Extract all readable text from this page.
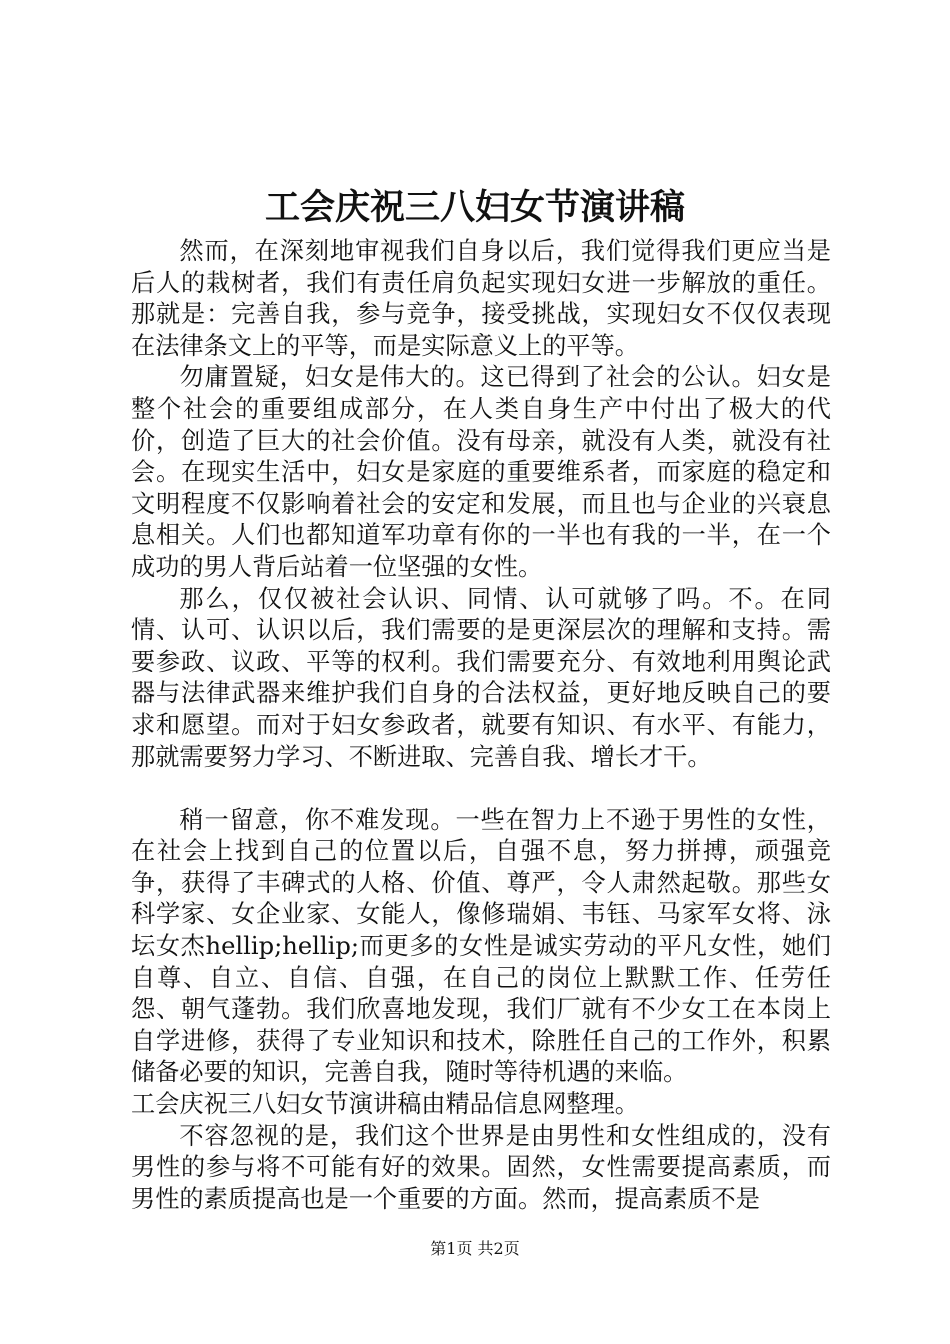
工会庆祝三八妇女节演讲稿

然而，在深刻地审视我们自身以后，我们觉得我们更应当是后人的栽树者，我们有责任肩负起实现妇女进一步解放的重任。那就是：完善自我，参与竞争，接受挑战，实现妇女不仅仅表现在法律条文上的平等，而是实际意义上的平等。

勿庸置疑，妇女是伟大的。这已得到了社会的公认。妇女是整个社会的重要组成部分，在人类自身生产中付出了极大的代价，创造了巨大的社会价值。没有母亲，就没有人类，就没有社会。在现实生活中，妇女是家庭的重要维系者，而家庭的稳定和文明程度不仅影响着社会的安定和发展，而且也与企业的兴衰息息相关。人们也都知道军功章有你的一半也有我的一半，在一个成功的男人背后站着一位坚强的女性。

那么，仅仅被社会认识、同情、认可就够了吗。不。在同情、认可、认识以后，我们需要的是更深层次的理解和支持。需要参政、议政、平等的权利。我们需要充分、有效地利用舆论武器与法律武器来维护我们自身的合法权益，更好地反映自己的要求和愿望。而对于妇女参政者，就要有知识、有水平、有能力，那就需要努力学习、不断进取、完善自我、增长才干。

稍一留意，你不难发现。一些在智力上不逊于男性的女性，在社会上找到自己的位置以后，自强不息，努力拼搏，顽强竞争，获得了丰碑式的人格、价值、尊严，令人肃然起敬。那些女科学家、女企业家、女能人，像修瑞娟、韦钰、马家军女将、泳坛女杰hellip;hellip;而更多的女性是诚实劳动的平凡女性，她们自尊、自立、自信、自强，在自己的岗位上默默工作、任劳任怨、朝气蓬勃。我们欣喜地发现，我们厂就有不少女工在本岗上自学进修，获得了专业知识和技术，除胜任自己的工作外，积累储备必要的知识，完善自我，随时等待机遇的来临。

工会庆祝三八妇女节演讲稿由精品信息网整理。

不容忽视的是，我们这个世界是由男性和女性组成的，没有男性的参与将不可能有好的效果。固然，女性需要提高素质，而男性的素质提高也是一个重要的方面。然而，提高素质不是

第1页 共2页
